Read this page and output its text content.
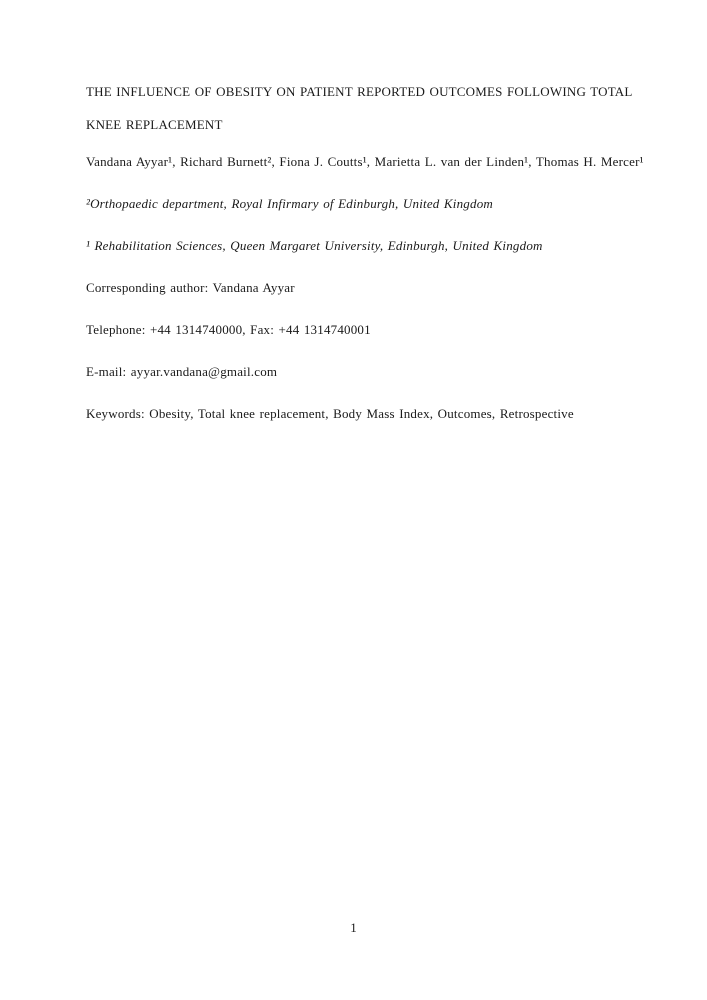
THE INFLUENCE OF OBESITY ON PATIENT REPORTED OUTCOMES FOLLOWING TOTAL
KNEE REPLACEMENT
Vandana Ayyar¹, Richard Burnett², Fiona J. Coutts¹, Marietta L. van der Linden¹, Thomas H. Mercer¹
²Orthopaedic department, Royal Infirmary of Edinburgh, United Kingdom
¹ Rehabilitation Sciences, Queen Margaret University, Edinburgh, United Kingdom
Corresponding author: Vandana Ayyar
Telephone: +44 1314740000, Fax: +44 1314740001
E-mail: ayyar.vandana@gmail.com
Keywords: Obesity, Total knee replacement, Body Mass Index, Outcomes, Retrospective
1
